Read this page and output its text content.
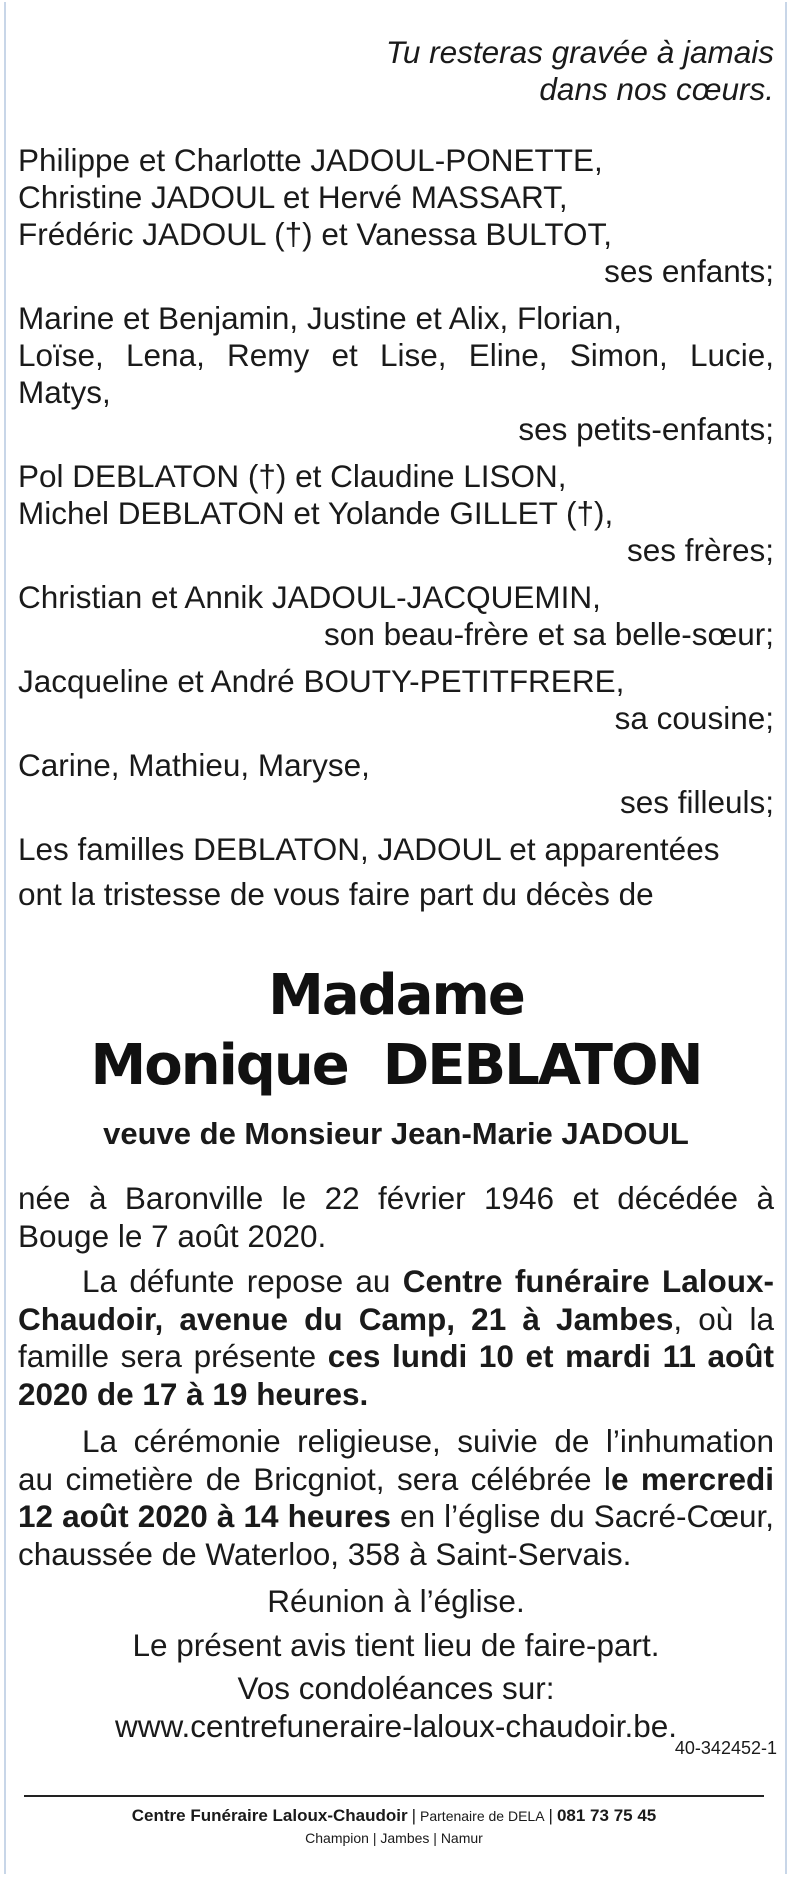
Tu resteras gravée à jamais
dans nos cœurs.
Philippe et Charlotte JADOUL-PONETTE,
Christine JADOUL et Hervé MASSART,
Frédéric JADOUL (†) et Vanessa BULTOT,
ses enfants;
Marine et Benjamin, Justine et Alix, Florian,
Loïse, Lena, Remy et Lise, Eline, Simon, Lucie,
Matys,
ses petits-enfants;
Pol DEBLATON (†) et Claudine LISON,
Michel DEBLATON et Yolande GILLET (†),
ses frères;
Christian et Annik JADOUL-JACQUEMIN,
son beau-frère et sa belle-sœur;
Jacqueline et André BOUTY-PETITFRERE,
sa cousine;
Carine, Mathieu, Maryse,
ses filleuls;
Les familles DEBLATON, JADOUL et apparentées
ont la tristesse de vous faire part du décès de
Madame
Monique  DEBLATON
veuve de Monsieur Jean-Marie JADOUL
née à Baronville le 22 février 1946 et décédée à
Bouge le 7 août 2020.
La défunte repose au Centre funéraire Laloux-Chaudoir, avenue du Camp, 21 à Jambes, où la famille sera présente ces lundi 10 et mardi 11 août 2020 de 17 à 19 heures.
La cérémonie religieuse, suivie de l’inhumation au cimetière de Bricgniot, sera célébrée le mercredi 12 août 2020 à 14 heures en l’église du Sacré-Cœur, chaussée de Waterloo, 358 à Saint-Servais.
Réunion à l’église.
Le présent avis tient lieu de faire-part.
Vos condoléances sur:
www.centrefuneraire-laloux-chaudoir.be.
40-342452-1
Centre Funéraire Laloux-Chaudoir | Partenaire de DELA | 081 73 75 45
Champion | Jambes | Namur
